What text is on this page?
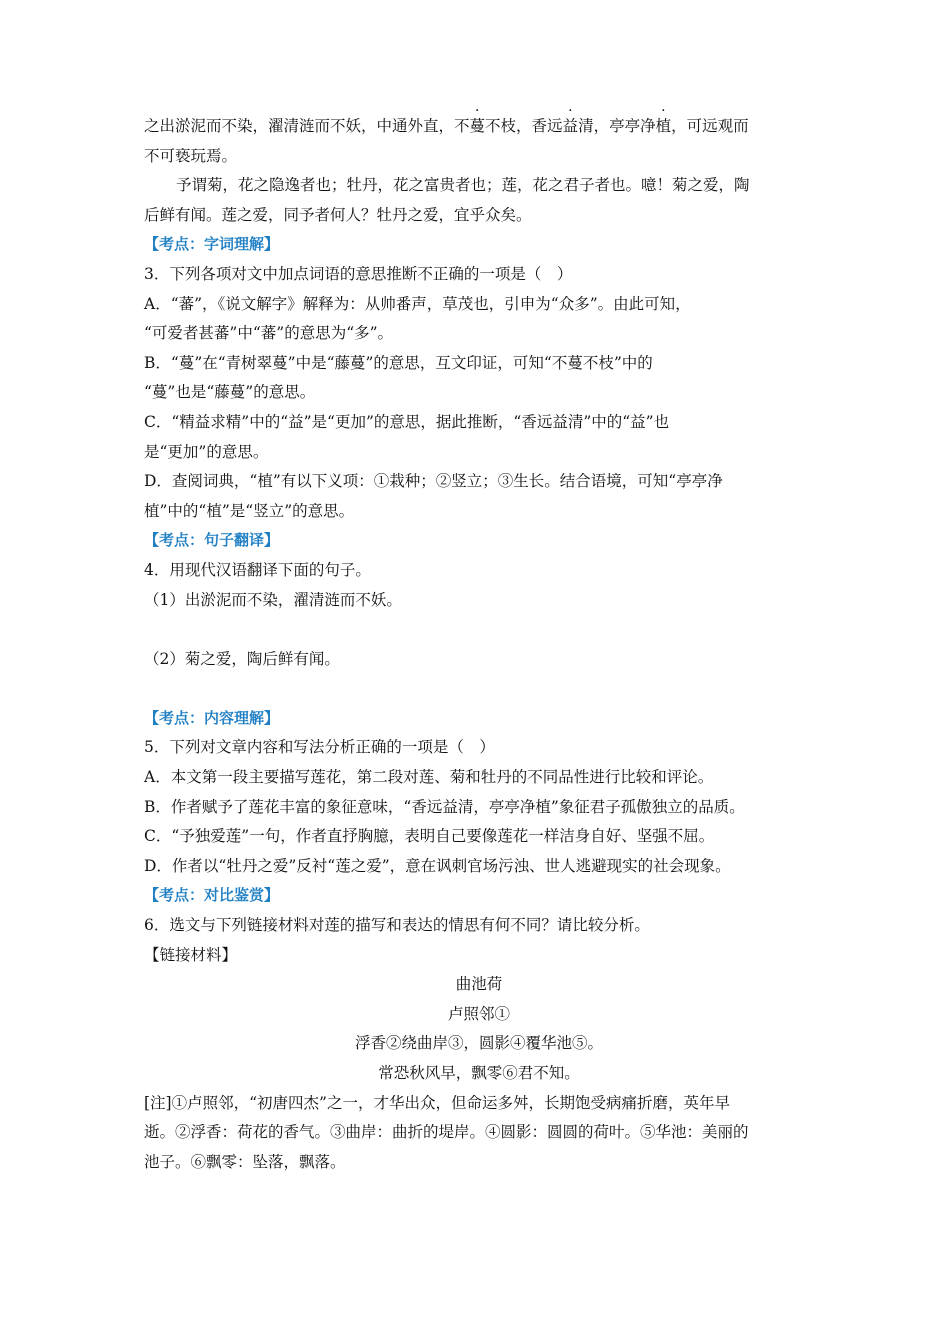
之出淤泥而不染，濯清涟而不妖，中通外直，不蔓不枝，香远益清，亭亭净植，可远观而
不可亵玩焉。
予谓菊，花之隐逸者也；牡丹，花之富贵者也；莲，花之君子者也。噫！菊之爱，陶
后鲜有闻。莲之爱，同予者何人？牡丹之爱，宜乎众矣。
【考点：字词理解】
3．下列各项对文中加点词语的意思推断不正确的一项是（　）
A．“蕃”，《说文解字》解释为：从帅番声，草茂也，引申为“众多”。由此可知，
“可爱者甚蕃”中“蕃”的意思为“多”。
B．“蔓”在“青树翠蔓”中是“藤蔓”的意思，互文印证，可知“不蔓不枝”中的
“蔓”也是“藤蔓”的意思。
C．“精益求精”中的“益”是“更加”的意思，据此推断，“香远益清”中的“益”也
是“更加”的意思。
D．查阅词典，“植”有以下义项：①栽种；②竖立；③生长。结合语境，可知“亭亭净
植”中的“植”是“竖立”的意思。
【考点：句子翻译】
4．用现代汉语翻译下面的句子。
（1）出淤泥而不染，濯清涟而不妖。
（2）菊之爱，陶后鲜有闻。
【考点：内容理解】
5．下列对文章内容和写法分析正确的一项是（　）
A．本文第一段主要描写莲花，第二段对莲、菊和牡丹的不同品性进行比较和评论。
B．作者赋予了莲花丰富的象征意味，“香远益清，亭亭净植”象征君子孤傲独立的品质。
C．“予独爱莲”一句，作者直抒胸臆，表明自己要像莲花一样洁身自好、坚强不屈。
D．作者以“牡丹之爱”反衬“莲之爱”，意在讽刺官场污浊、世人逃避现实的社会现象。
【考点：对比鉴赏】
6．选文与下列链接材料对莲的描写和表达的情思有何不同？请比较分析。
【链接材料】
曲池荷
卢照邻①
浮香②绕曲岸③，圆影④覆华池⑤。
常恐秋风早，飘零⑥君不知。
[注]①卢照邻，“初唐四杰”之一，才华出众，但命运多舛，长期饱受病痛折磨，英年早
逝。②浮香：荷花的香气。③曲岸：曲折的堤岸。④圆影：圆圆的荷叶。⑤华池：美丽的
池子。⑥飘零：坠落，飘落。
